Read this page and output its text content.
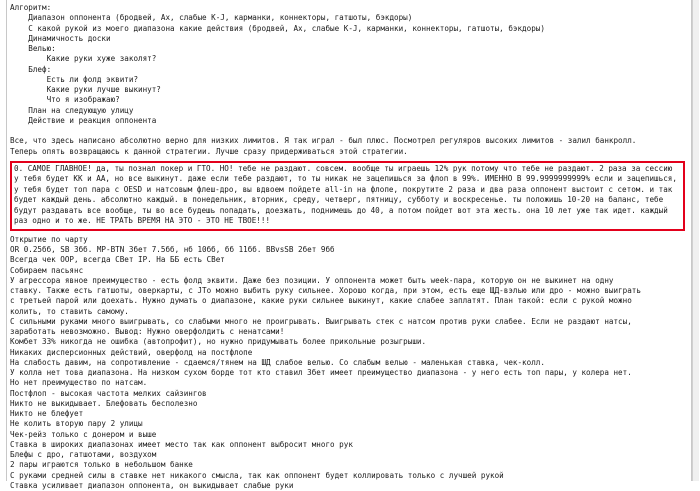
Алгоритм:
Диапазон оппонента (бродвей, Ах, слабые K-J, карманки, коннекторы, гатшоты, бэкдоры)
С какой рукой из моего диапазона какие действия (бродвей, Ах, слабые K-J, карманки, коннекторы, гатшоты, бэкдоры)
Динамичность доски
Велью:
Какие руки хуже заколят?
Блеф:
Есть ли фолд эквити?
Какие руки лучше выкинут?
Что я изображаю?
План на следующую улицу
Действие и реакция оппонента
Все, что здесь написано абсолютно верно для низких лимитов. Я так играл - был плюс. Посмотрел регуляров высоких лимитов - залил банкролл.
Теперь опять возвращаюсь к данной стратегии. Лучше сразу придерживаться этой стратегии.
0. САМОЕ ГЛАВНОЕ! да, ты познал покер и ГТО. НО! тебе не раздают. совсем. вообще ты играешь 12% рук потому что тебе не раздают. 2 раза за сессию у тебя будет КК и АА, но все выкинут. даже если тебе раздают, то ты никак не зацепишься за флоп в 99%. ИМЕННО В 99.9999999999% если и зацепишься, у тебя будет топ пара с OESD и натсовым флеш-дро, вы вдвоем пойдете all-in на флопе, покрутите 2 раза и два раза оппонент выстоит с сетом. и так будет каждый день. абсолютно каждый. в понедельник, вторник, среду, четверг, пятницу, субботу и воскресенье. ты положишь 10-20 на баланс, тебе будут раздавать все вообще, ты во все будешь попадать, доезжать, поднимешь до 40, а потом пойдет вот эта жесть. она 10 лет уже так идет. каждый раз одно и то же. НЕ ТРАТЬ ВРЕМЯ НА ЭТО - ЭТО НЕ ТВОЕ!!!
Открытие по чарту
OR 0.25бб, SB 3бб. MP-BTN 3бет 7.5бб, нб 10бб, бб 11бб. BBvsSB 2бет 9бб
Всегда чек OOP, всегда CBет IP. На ББ есть CBет
Собираем пасьянс
У агрессора явное преимущество - есть фолд эквити. Даже без позиции. У оппонента может быть week-пара, которую он не выкинет на одну
ставку. Также есть гатшоты, оверкарты, с JТо можно выбить руку сильнее. Хорошо когда, при этом, есть еще ЩД-вэлью или дро - можно выиграть
с третьей парой или доехать. Нужно думать о диапазоне, какие руки сильнее выкинут, какие слабее заплатят. План такой: если с рукой можно
колить, то ставить самому.
С сильными руками много выигрывать, со слабыми много не проигрывать. Выигрывать стек с натсом против руки слабее. Если не раздают натсы,
заработать невозможно. Вывод: Нужно оверфолдить с ненатсами!
Комбет 33% никогда не ошибка (автопрофит), но нужно придумывать более прикольные розыгрыши.
Никаких дисперсионных действий, оверфолд на постфлопе
На слабость давим, на сопротивление - сдаемся/тянем на ШД слабое велью. Со слабым велью - маленькая ставка, чек-колл.
У колла нет това диапазона. На низком сухом борде тот кто ставил 3бет имеет преимущество диапазона - у него есть топ пары, у колера нет.
Но нет преимущество по натсам.
Постфлоп - высокая частота мелких сайзингов
Никто не выкидывает. Блефовать бесполезно
Никто не блефует
Не колить вторую пару 2 улицы
Чек-рейз только с донером и выше
Ставка в широких диапазонах имеет место так как оппонент выбросит много рук
Блефы с дро, гатшотами, воздухом
2 пары играются только в небольшом банке
С руками средней силы в ставке нет никакого смысла, так как оппонент будет коллировать только с лучшей рукой
Ставка усиливает диапазон оппонента, он выкидывает слабые руки
